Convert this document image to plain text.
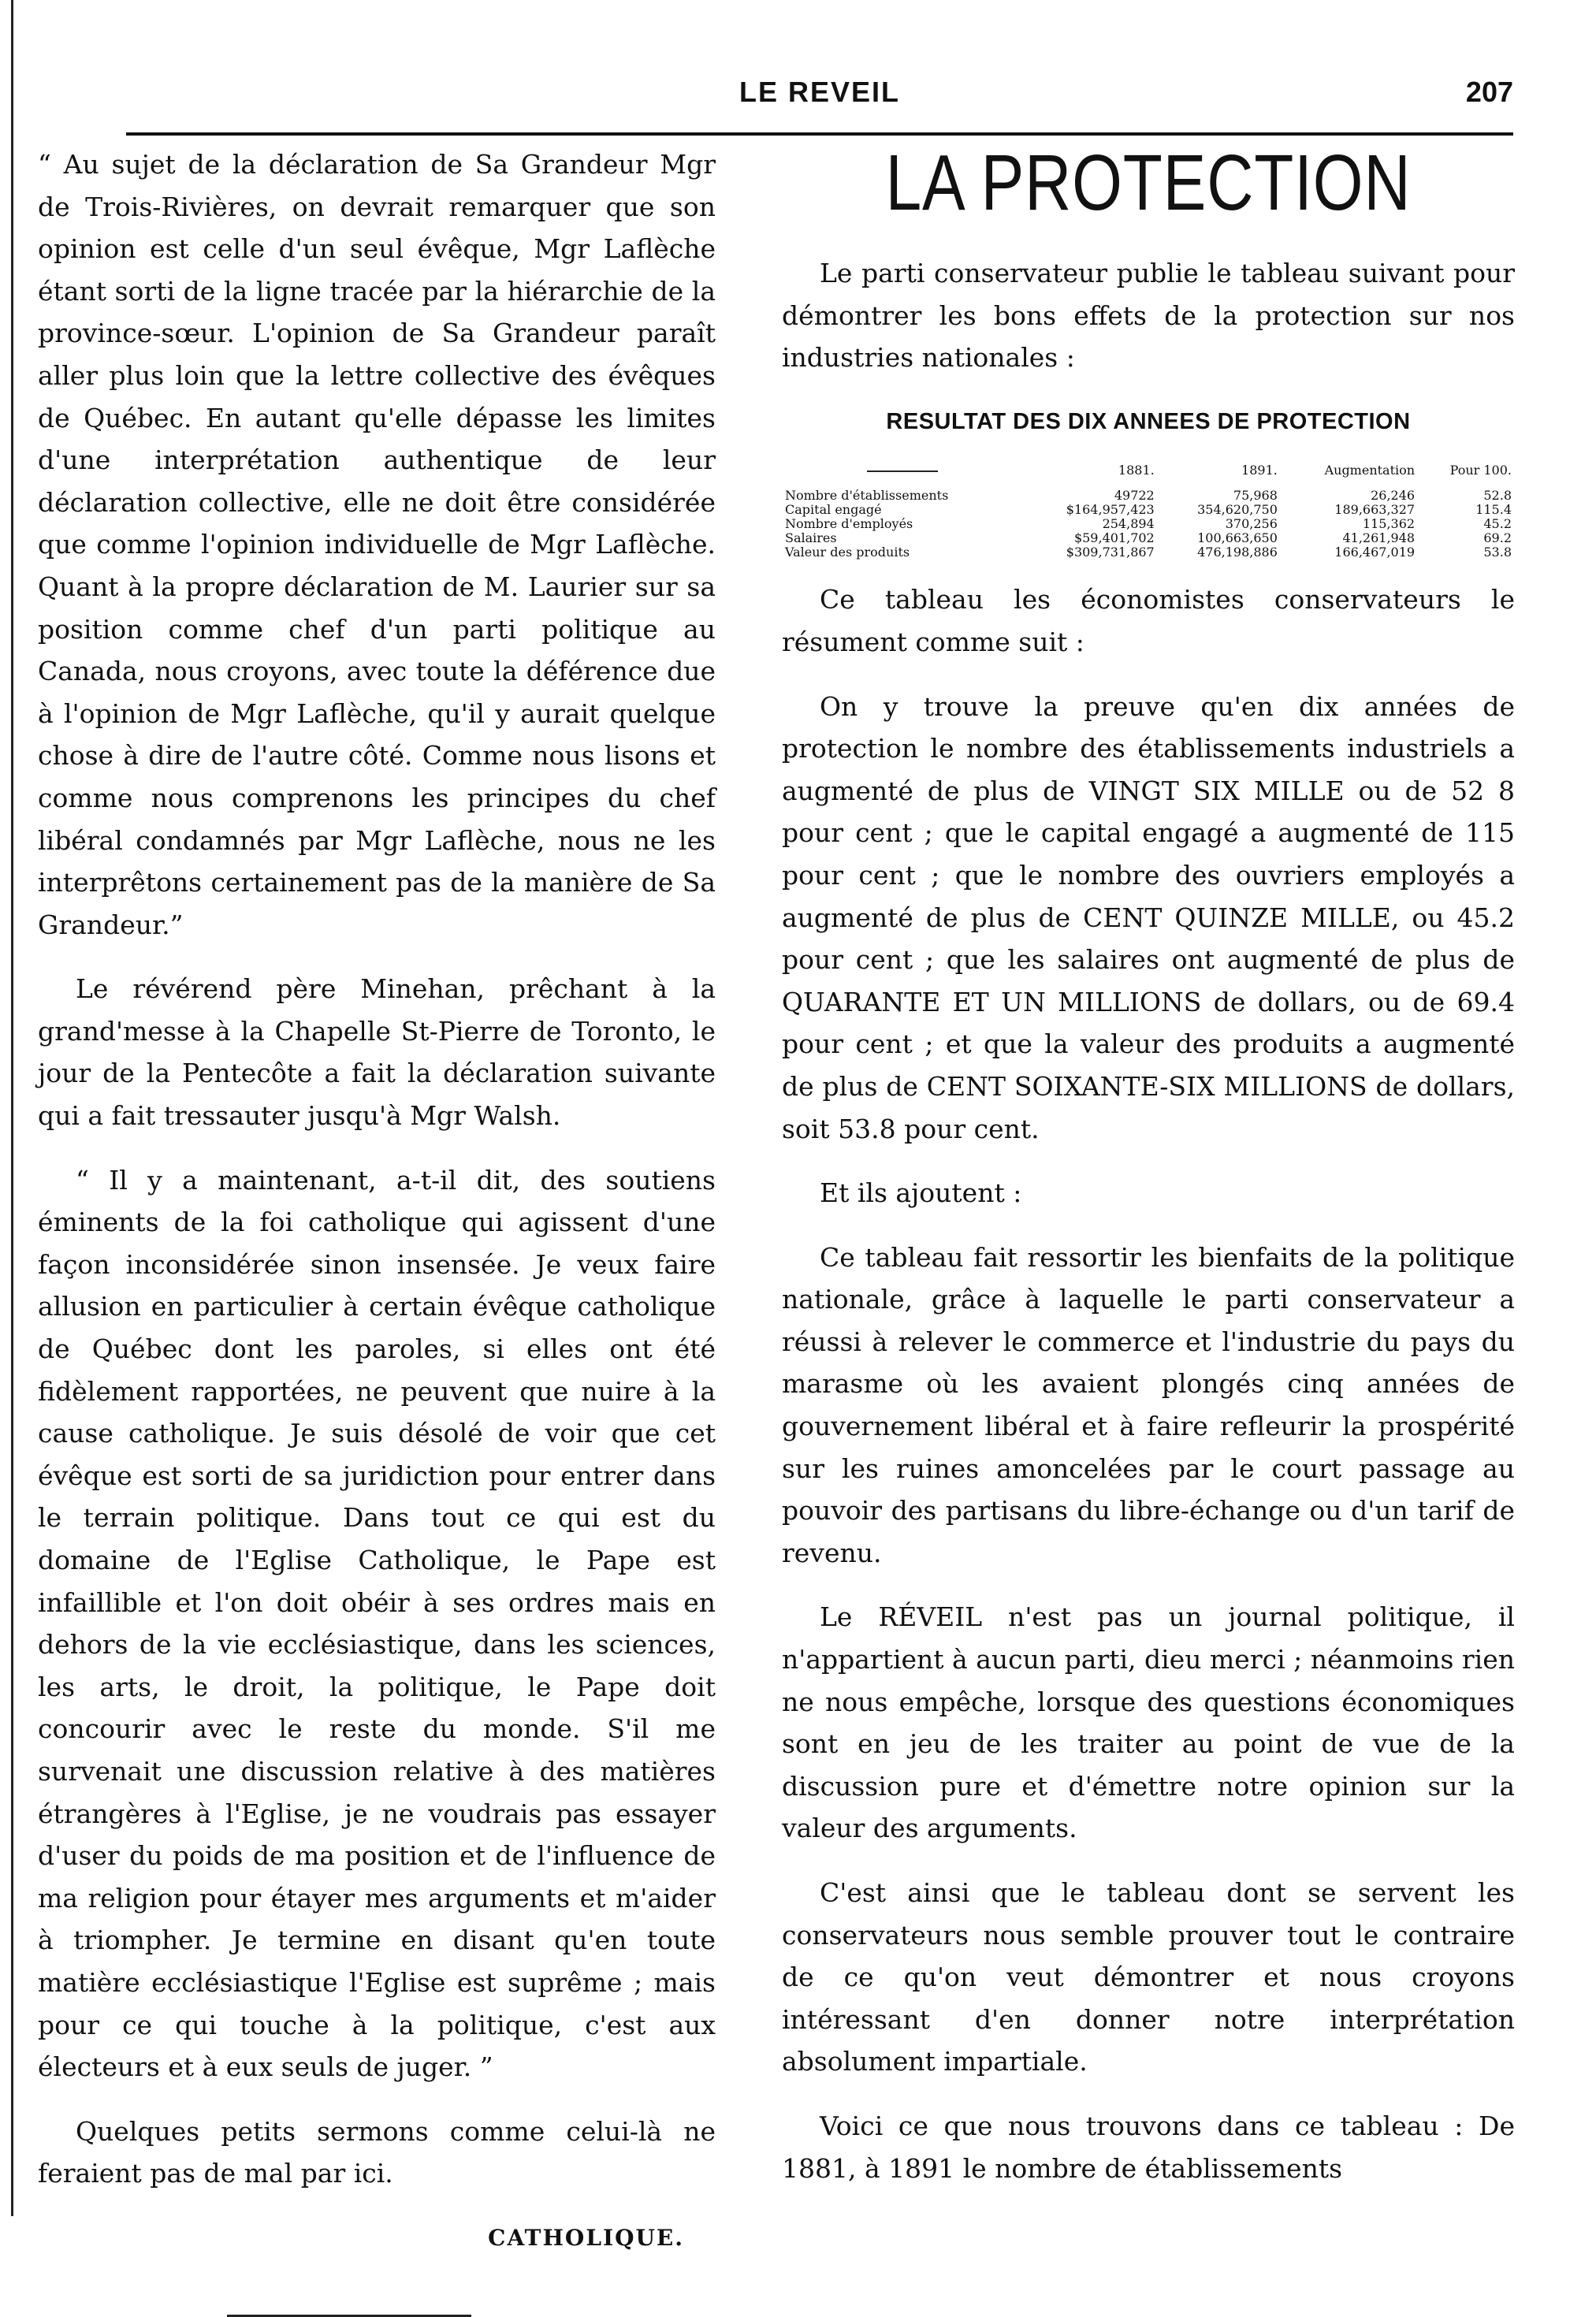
LE REVEIL	207

“ Au sujet de la déclaration de Sa Grandeur Mgr de Trois-Rivières, on devrait remarquer que son opinion est celle d'un seul évêque, Mgr Laflèche étant sorti de la ligne tracée par la hiérarchie de la province-sœur. L'opinion de Sa Grandeur paraît aller plus loin que la lettre collective des évêques de Québec. En autant qu'elle dépasse les limites d'une interprétation authentique de leur déclaration collective, elle ne doit être considérée que comme l'opinion individuelle de Mgr Laflèche. Quant à la propre déclaration de M. Laurier sur sa position comme chef d'un parti politique au Canada, nous croyons, avec toute la déférence due à l'opinion de Mgr Laflèche, qu'il y aurait quelque chose à dire de l'autre côté. Comme nous lisons et comme nous comprenons les principes du chef libéral condamnés par Mgr Laflèche, nous ne les interprêtons certainement pas de la manière de Sa Grandeur.”

Le révérend père Minehan, prêchant à la grand'messe à la Chapelle St-Pierre de Toronto, le jour de la Pentecôte a fait la déclaration suivante qui a fait tressauter jusqu'à Mgr Walsh.

“ Il y a maintenant, a-t-il dit, des soutiens éminents de la foi catholique qui agissent d'une façon inconsidérée sinon insensée. Je veux faire allusion en particulier à certain évêque catholique de Québec dont les paroles, si elles ont été fidèlement rapportées, ne peuvent que nuire à la cause catholique. Je suis désolé de voir que cet évêque est sorti de sa juridiction pour entrer dans le terrain politique. Dans tout ce qui est du domaine de l'Eglise Catholique, le Pape est infaillible et l'on doit obéir à ses ordres mais en dehors de la vie ecclésiastique, dans les sciences, les arts, le droit, la politique, le Pape doit concourir avec le reste du monde. S'il me survenait une discussion relative à des matières étrangères à l'Eglise, je ne voudrais pas essayer d'user du poids de ma position et de l'influence de ma religion pour étayer mes arguments et m'aider à triompher. Je termine en disant qu'en toute matière ecclésiastique l'Eglise est suprême ; mais pour ce qui touche à la politique, c'est aux électeurs et à eux seuls de juger. ”

Quelques petits sermons comme celui-là ne feraient pas de mal par ici.

CATHOLIQUE.
LA PROTECTION

Le parti conservateur publie le tableau suivant pour démontrer les bons effets de la protection sur nos industries nationales :

RESULTAT DES DIX ANNEES DE PROTECTION
	1881.	1891.	Augmentation	Pour 100.
Nombre d'établissements	49722	75,968	26,246	52.8
Capital engagé	$164,957,423	354,620,750	189,663,327	115.4
Nombre d'employés	254,894	370,256	115,362	45.2
Salaires	$59,401,702	100,663,650	41,261,948	69.2
Valeur des produits	$309,731,867	476,198,886	166,467,019	53.8

Ce tableau les économistes conservateurs le résument comme suit :

On y trouve la preuve qu'en dix années de protection le nombre des établissements industriels a augmenté de plus de VINGT SIX MILLE ou de 52 8 pour cent ; que le capital engagé a augmenté de 115 pour cent ; que le nombre des ouvriers employés a augmenté de plus de CENT QUINZE MILLE, ou 45.2 pour cent ; que les salaires ont augmenté de plus de QUARANTE ET UN MILLIONS de dollars, ou de 69.4 pour cent ; et que la valeur des produits a augmenté de plus de CENT SOIXANTE-SIX MILLIONS de dollars, soit 53.8 pour cent.

Et ils ajoutent :

Ce tableau fait ressortir les bienfaits de la politique nationale, grâce à laquelle le parti conservateur a réussi à relever le commerce et l'industrie du pays du marasme où les avaient plongés cinq années de gouvernement libéral et à faire refleurir la prospérité sur les ruines amoncelées par le court passage au pouvoir des partisans du libre-échange ou d'un tarif de revenu.

Le RÉVEIL n'est pas un journal politique, il n'appartient à aucun parti, dieu merci ; néanmoins rien ne nous empêche, lorsque des questions économiques sont en jeu de les traiter au point de vue de la discussion pure et d'émettre notre opinion sur la valeur des arguments.

C'est ainsi que le tableau dont se servent les conservateurs nous semble prouver tout le contraire de ce qu'on veut démontrer et nous croyons intéressant d'en donner notre interprétation absolument impartiale.

Voici ce que nous trouvons dans ce tableau : De 1881, à 1891 le nombre de établissements
